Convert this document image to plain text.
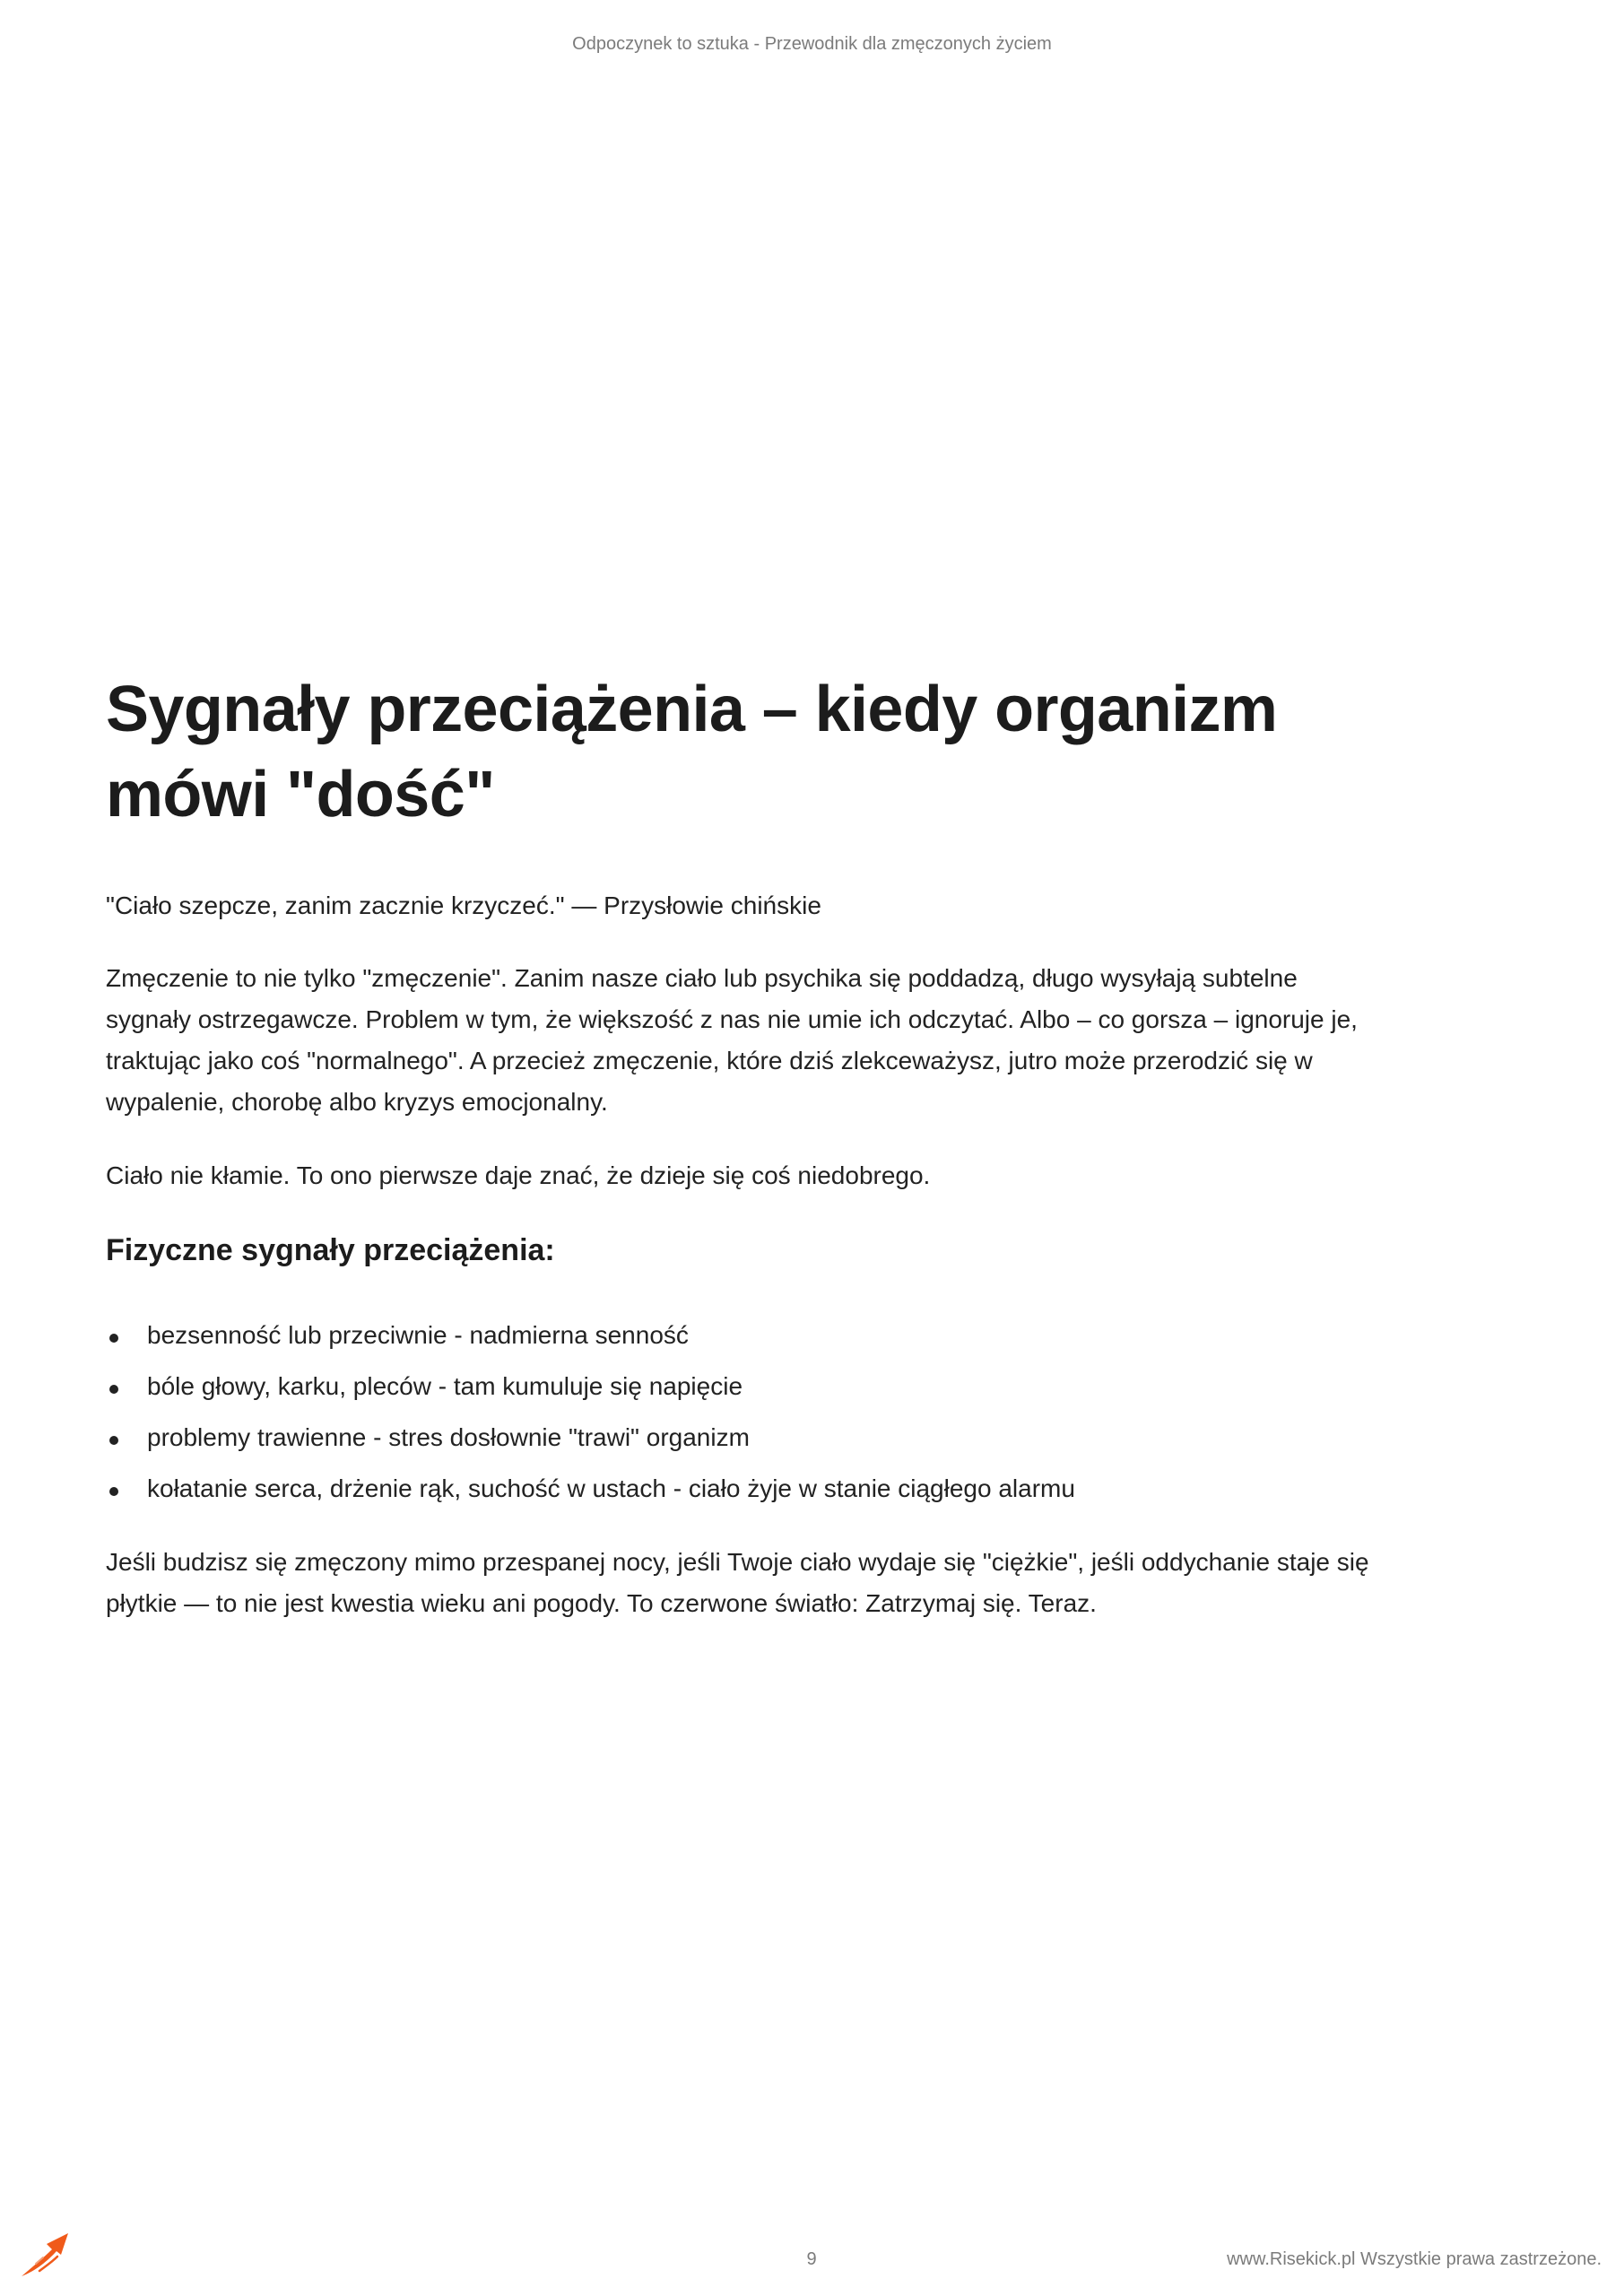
Odpoczynek to sztuka - Przewodnik dla zmęczonych życiem
Sygnały przeciążenia – kiedy organizm
mówi "dość"

"Ciało szepcze, zanim zacznie krzyczeć." — Przysłowie chińskie

Zmęczenie to nie tylko "zmęczenie". Zanim nasze ciało lub psychika się poddadzą, długo wysyłają subtelne
sygnały ostrzegawcze. Problem w tym, że większość z nas nie umie ich odczytać. Albo – co gorsza – ignoruje je,
traktując jako coś "normalnego". A przecież zmęczenie, które dziś zlekceważysz, jutro może przerodzić się w
wypalenie, chorobę albo kryzys emocjonalny.

Ciało nie kłamie. To ono pierwsze daje znać, że dzieje się coś niedobrego.

Fizyczne sygnały przeciążenia:
bezsenność lub przeciwnie - nadmierna senność
bóle głowy, karku, pleców - tam kumuluje się napięcie
problemy trawienne - stres dosłownie "trawi" organizm
kołatanie serca, drżenie rąk, suchość w ustach - ciało żyje w stanie ciągłego alarmu

Jeśli budzisz się zmęczony mimo przespanej nocy, jeśli Twoje ciało wydaje się "ciężkie", jeśli oddychanie staje się
płytkie — to nie jest kwestia wieku ani pogody. To czerwone światło: Zatrzymaj się. Teraz.

9	www.Risekick.pl Wszystkie prawa zastrzeżone.
